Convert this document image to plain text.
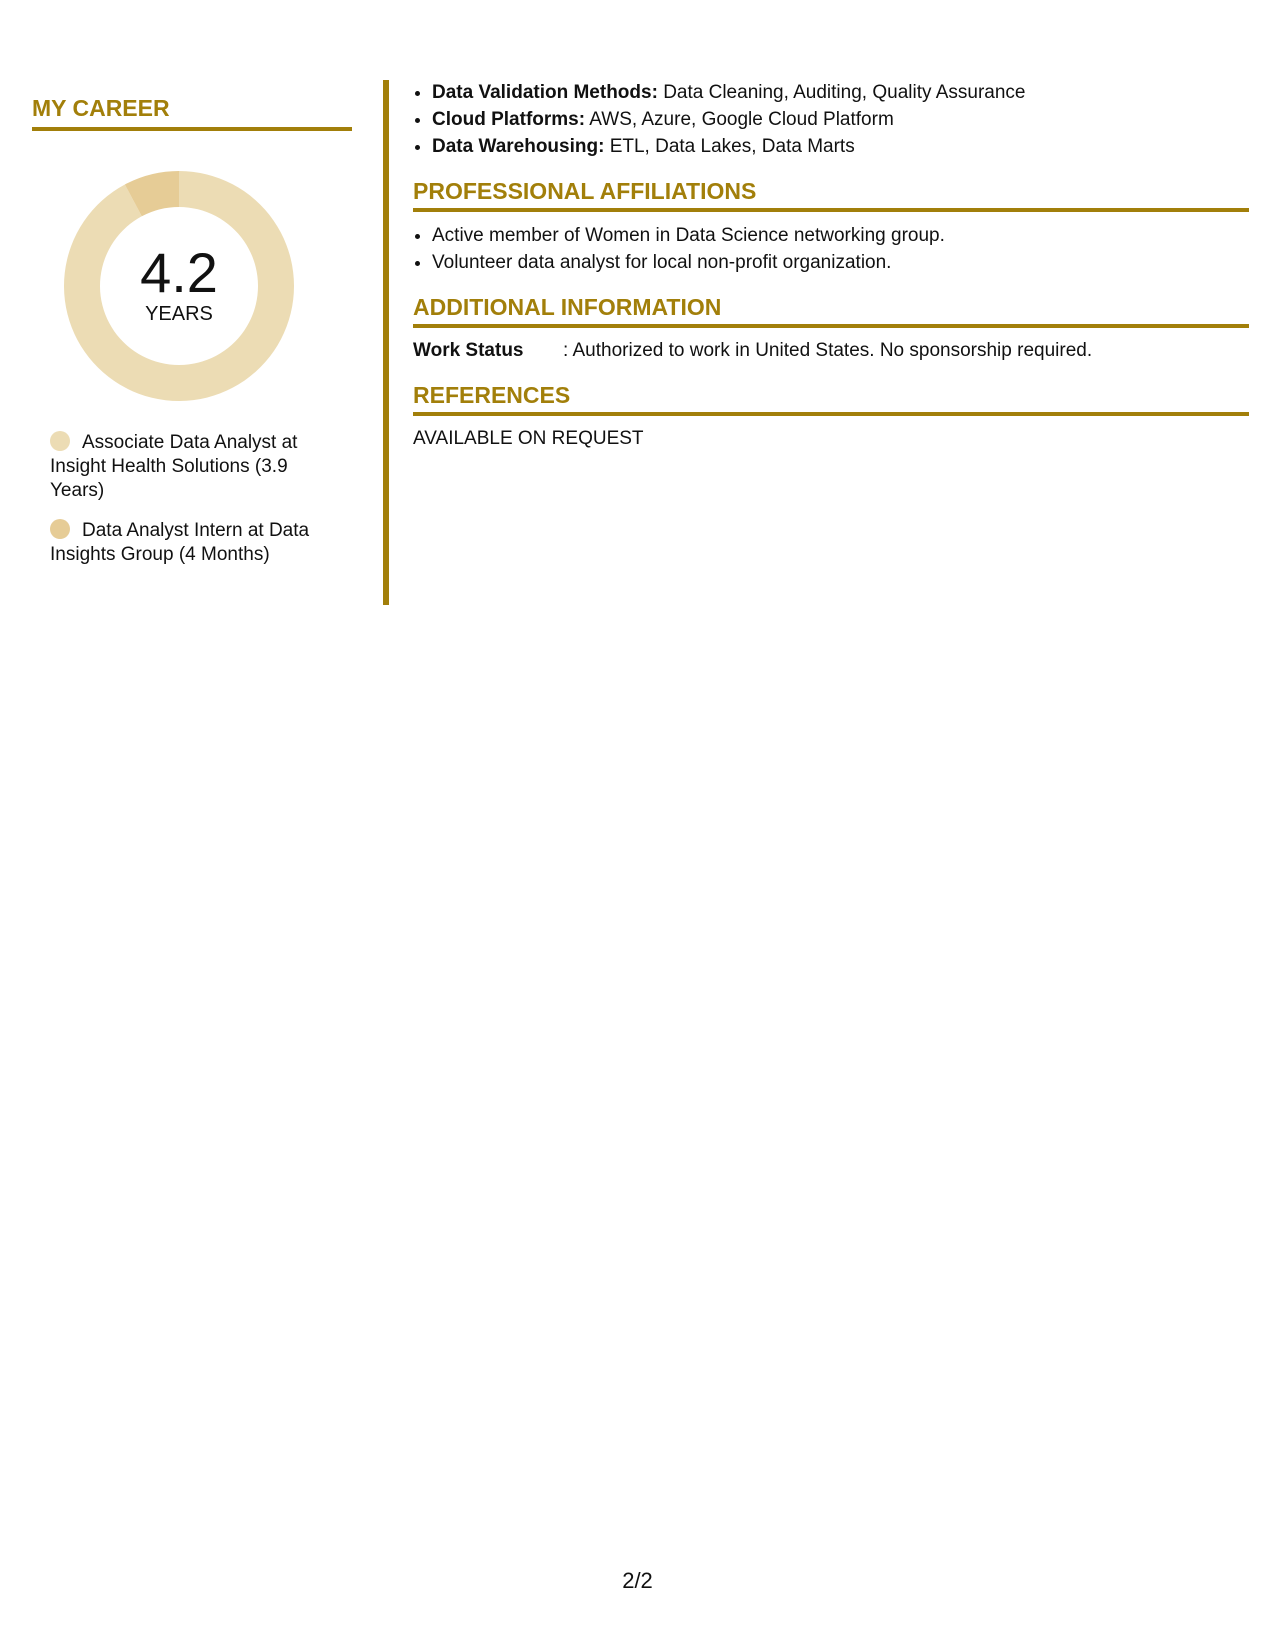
MY CAREER
4.2
YEARS
Associate Data Analyst at Insight Health Solutions (3.9 Years)
Data Analyst Intern at Data Insights Group (4 Months)
• Data Validation Methods: Data Cleaning, Auditing, Quality Assurance
• Cloud Platforms: AWS, Azure, Google Cloud Platform
• Data Warehousing: ETL, Data Lakes, Data Marts
PROFESSIONAL AFFILIATIONS
• Active member of Women in Data Science networking group.
• Volunteer data analyst for local non-profit organization.
ADDITIONAL INFORMATION
Work Status : Authorized to work in United States. No sponsorship required.
REFERENCES
AVAILABLE ON REQUEST
2/2
